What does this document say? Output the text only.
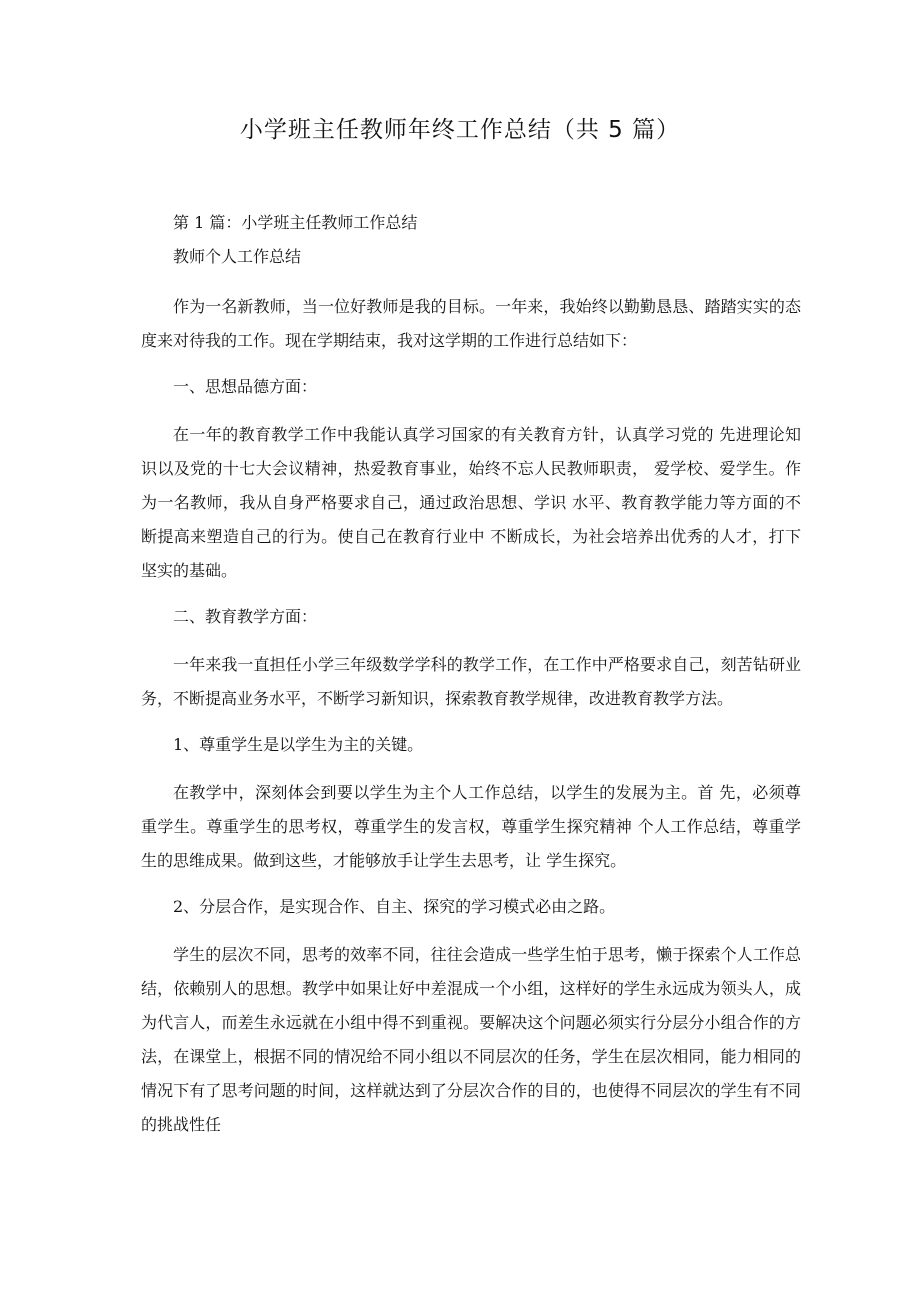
小学班主任教师年终工作总结（共 5 篇）

第 1 篇：小学班主任教师工作总结

教师个人工作总结

作为一名新教师，当一位好教师是我的目标。一年来，我始终以勤勤恳恳、踏踏实实的态度来对待我的工作。现在学期结束，我对这学期的工作进行总结如下：

一、思想品德方面：

在一年的教育教学工作中我能认真学习国家的有关教育方针，认真学习党的 先进理论知识以及党的十七大会议精神，热爱教育事业，始终不忘人民教师职责， 爱学校、爱学生。作为一名教师，我从自身严格要求自己，通过政治思想、学识 水平、教育教学能力等方面的不断提高来塑造自己的行为。使自己在教育行业中 不断成长，为社会培养出优秀的人才，打下坚实的基础。

二、教育教学方面：

一年来我一直担任小学三年级数学学科的教学工作，在工作中严格要求自己，刻苦钻研业务，不断提高业务水平，不断学习新知识，探索教育教学规律，改进教育教学方法。

1、尊重学生是以学生为主的关键。

在教学中，深刻体会到要以学生为主个人工作总结，以学生的发展为主。首 先，必须尊重学生。尊重学生的思考权，尊重学生的发言权，尊重学生探究精神 个人工作总结，尊重学生的思维成果。做到这些，才能够放手让学生去思考，让 学生探究。

2、分层合作，是实现合作、自主、探究的学习模式必由之路。

学生的层次不同，思考的效率不同，往往会造成一些学生怕于思考，懒于探索个人工作总结，依赖别人的思想。教学中如果让好中差混成一个小组，这样好的学生永远成为领头人，成为代言人，而差生永远就在小组中得不到重视。要解决这个问题必须实行分层分小组合作的方法，在课堂上，根据不同的情况给不同小组以不同层次的任务，学生在层次相同，能力相同的情况下有了思考问题的时间，这样就达到了分层次合作的目的，也使得不同层次的学生有不同的挑战性任
